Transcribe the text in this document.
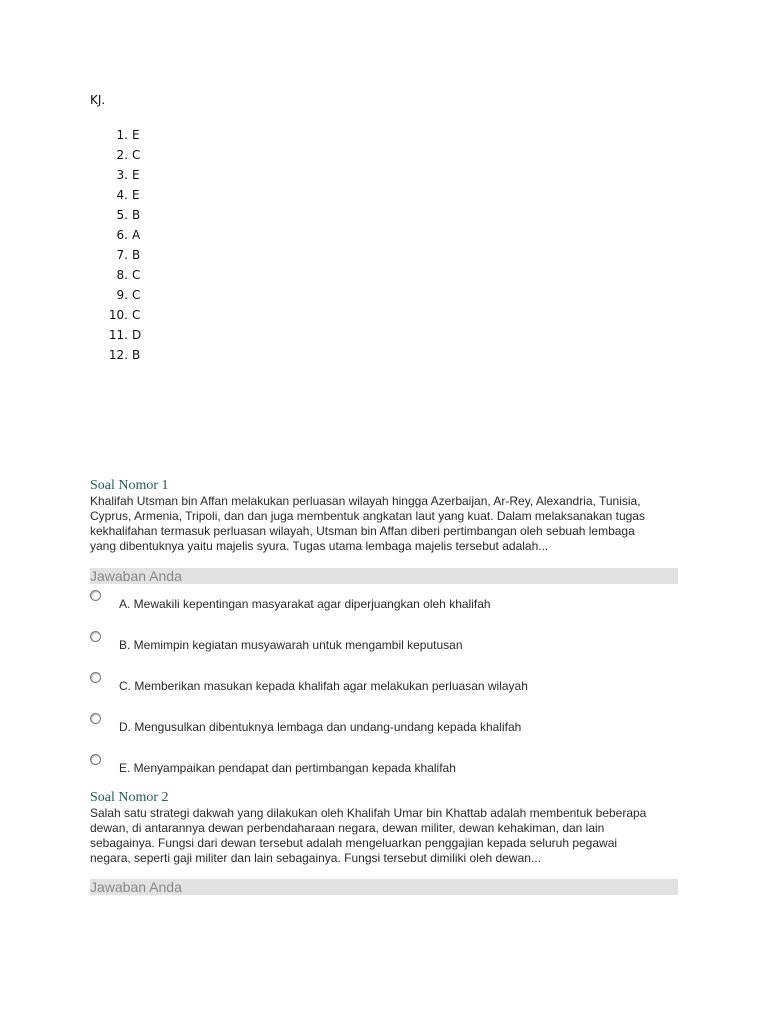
KJ.
1. E
2. C
3. E
4. E
5. B
6. A
7. B
8. C
9. C
10. C
11. D
12. B
Soal Nomor 1
Khalifah Utsman bin Affan melakukan perluasan wilayah hingga Azerbaijan, Ar-Rey, Alexandria, Tunisia,
Cyprus, Armenia, Tripoli, dan dan juga membentuk angkatan laut yang kuat. Dalam melaksanakan tugas
kekhalifahan termasuk perluasan wilayah, Utsman bin Affan diberi pertimbangan oleh sebuah lembaga
yang dibentuknya yaitu majelis syura. Tugas utama lembaga majelis tersebut adalah...
Jawaban Anda
A. Mewakili kepentingan masyarakat agar diperjuangkan oleh khalifah
B. Memimpin kegiatan musyawarah untuk mengambil keputusan
C. Memberikan masukan kepada khalifah agar melakukan perluasan wilayah
D. Mengusulkan dibentuknya lembaga dan undang-undang kepada khalifah
E. Menyampaikan pendapat dan pertimbangan kepada khalifah
Soal Nomor 2
Salah satu strategi dakwah yang dilakukan oleh Khalifah Umar bin Khattab adalah membentuk beberapa
dewan, di antarannya dewan perbendaharaan negara, dewan militer, dewan kehakiman, dan lain
sebagainya. Fungsi dari dewan tersebut adalah mengeluarkan penggajian kepada seluruh pegawai
negara, seperti gaji militer dan lain sebagainya. Fungsi tersebut dimiliki oleh dewan...
Jawaban Anda
